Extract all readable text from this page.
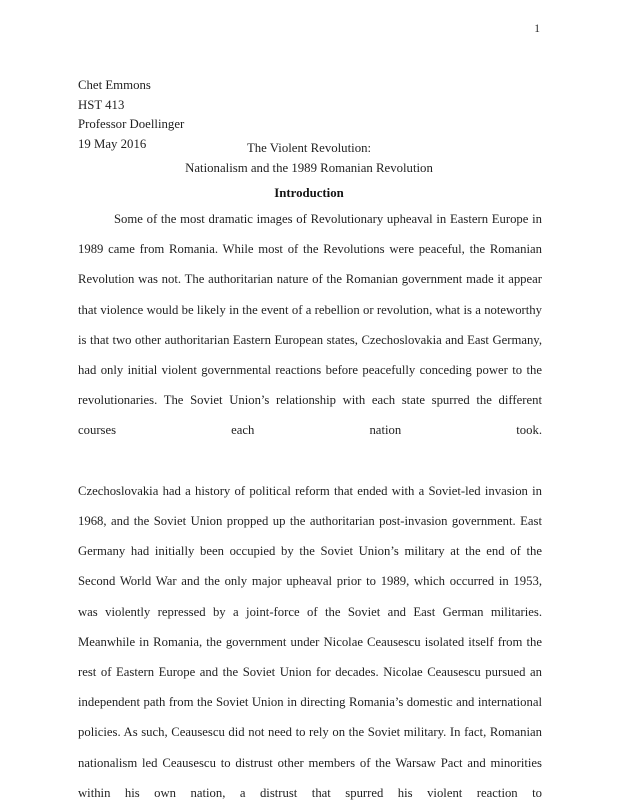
1
Chet Emmons
HST 413
Professor Doellinger
19 May 2016	The Violent Revolution:
Nationalism and the 1989 Romanian Revolution
Introduction

Some of the most dramatic images of Revolutionary upheaval in Eastern Europe in 1989 came from Romania. While most of the Revolutions were peaceful, the Romanian Revolution was not. The authoritarian nature of the Romanian government made it appear that violence would be likely in the event of a rebellion or revolution, what is a noteworthy is that two other authoritarian Eastern European states, Czechoslovakia and East Germany, had only initial violent governmental reactions before peacefully conceding power to the revolutionaries. The Soviet Union’s relationship with each state spurred the different courses each nation took.

Czechoslovakia had a history of political reform that ended with a Soviet-led invasion in 1968, and the Soviet Union propped up the authoritarian post-invasion government. East Germany had initially been occupied by the Soviet Union’s military at the end of the Second World War and the only major upheaval prior to 1989, which occurred in 1953, was violently repressed by a joint-force of the Soviet and East German militaries. Meanwhile in Romania, the government under Nicolae Ceausescu isolated itself from the rest of Eastern Europe and the Soviet Union for decades. Nicolae Ceausescu pursued an independent path from the Soviet Union in directing Romania’s domestic and international policies. As such, Ceausescu did not need to rely on the Soviet military. In fact, Romanian nationalism led Ceausescu to distrust other members of the Warsaw Pact and minorities within his own nation, a distrust that spurred his violent reaction to
